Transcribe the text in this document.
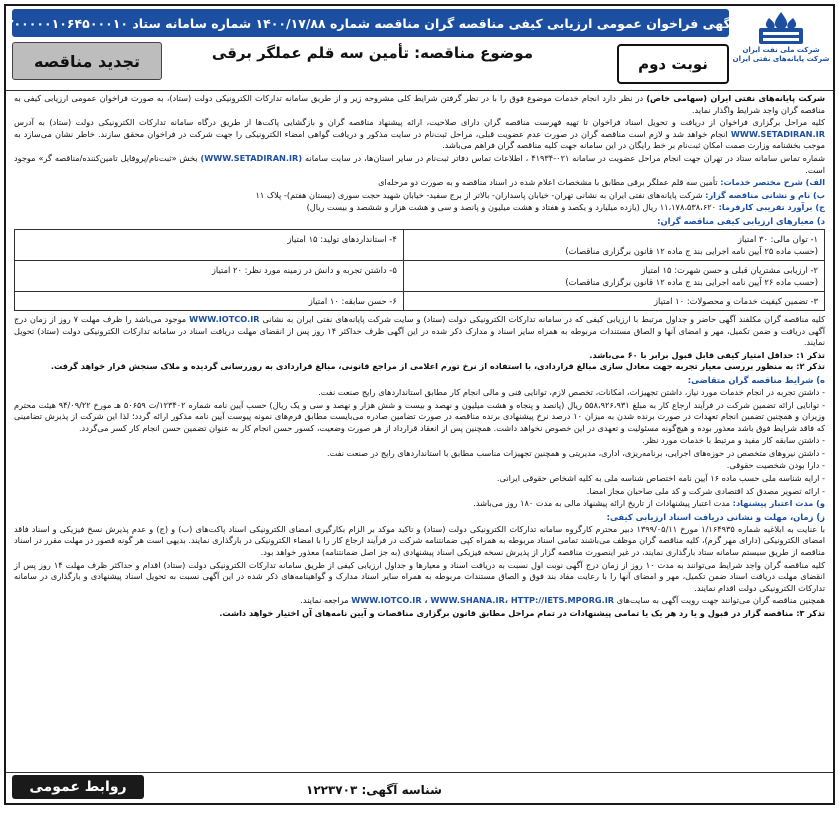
شرکت ملی نفت ایران
شرکت پایانه‌های نفتی ایران
آگهی فراخوان عمومی ارزیابی کیفی مناقصه گران مناقصه شماره ۱۴۰۰/۱۷/۸۸ شماره سامانه ستاد ۲۰۰۰۰۰۱۰۶۴۵۰۰۰۱۰
نوبت دوم
موضوع مناقصه: تأمین سه قلم عملگر برقی
تجدید مناقصه

شرکت پایانه‌های نفتی ایران (سهامی خاص) در نظر دارد انجام خدمات موضوع فوق را با در نظر گرفتن شرایط کلی مشروحه زیر و از طریق سامانه تدارکات الکترونیکی دولت (ستاد)، به صورت فراخوان عمومی ارزیابی کیفی به مناقصه گران واجد شرایط واگذار نماید.

کلیه مراحل برگزاری فراخوان از دریافت و تحویل اسناد فراخوان تا تهیه فهرست مناقصه گران دارای صلاحیت، ارائه پیشنهاد مناقصه گران و بازگشایی پاکت‌ها از طریق درگاه سامانه تدارکات الکترونیکی دولت (ستاد) به آدرس WWW.SETADIRAN.IR انجام خواهد شد و لازم است مناقصه گران در صورت عدم عضویت قبلی، مراحل ثبت‌نام در سایت مذکور و دریافت گواهی امضاء الکترونیکی را جهت شرکت در فراخوان محقق سازند. خاطر نشان می‌سازد به موجب بخشنامه وزارت صمت امکان ثبت‌نام بر خط رایگان در این سامانه جهت کلیه مناقصه گران فراهم می‌باشد.

شماره تماس سامانه ستاد در تهران جهت انجام مراحل عضویت در سامانه ۰۲۱-۴۱۹۳۴ ، اطلاعات تماس دفاتر ثبت‌نام در سایر استان‌ها، در سایت سامانه (WWW.SETADIRAN.IR) بخش «ثبت‌نام/پروفایل تامین‌کننده/مناقصه گر» موجود است.

الف) شرح مختصر خدمات: تأمین سه قلم عملگر برقی مطابق با مشخصات اعلام شده در اسناد مناقصه و به صورت دو مرحله‌ای

ب) نام و نشانی مناقصه گزار: شرکت پایانه‌های نفتی ایران به نشانی تهران- خیابان پاسداران- بالاتر از برج سفید- خیابان شهید حجت سوری (نیستان هفتم)- پلاک ۱۱

ج) برآورد تقریبی کارفرما: ۱۱،۱۷۸،۵۳۸،۶۲۰ ریال (یازده میلیارد و یکصد و هفتاد و هشت میلیون و پانصد و سی و هشت هزار و ششصد و بیست ریال)

د) معیارهای ارزیابی کیفی مناقصه گران:

۱- توان مالی: ۳۰ امتیاز
(حسب ماده ۲۵ آیین نامه اجرایی بند ج ماده ۱۲ قانون برگزاری مناقصات)	۴- استانداردهای تولید: ۱۵ امتیاز
۲- ارزیابی مشتریان قبلی و حسن شهرت: ۱۵ امتیاز
(حسب ماده ۲۶ آیین نامه اجرایی بند ج ماده ۱۲ قانون برگزاری مناقصات)	۵- داشتن تجربه و دانش در زمینه مورد نظر: ۲۰ امتیاز
۳- تضمین کیفیت خدمات و محصولات: ۱۰ امتیاز	۶- حسن سابقه: ۱۰ امتیاز

کلیه مناقصه گران مکلفند آگهی حاضر و جداول مرتبط با ارزیابی کیفی که در سامانه تدارکات الکترونیکی دولت (ستاد) و سایت شرکت پایانه‌های نفتی ایران به نشانی WWW.IOTCO.IR موجود می‌باشد را ظرف مهلت ۷ روز از زمان درج آگهی دریافت و ضمن تکمیل، مهر و امضای آنها و الصاق مستندات مربوطه به همراه سایر اسناد و مدارک ذکر شده در این آگهی ظرف حداکثر ۱۴ روز پس از انقضای مهلت دریافت اسناد در سامانه تدارکات الکترونیکی دولت (ستاد) تحویل نمایند.

تذکر ۱: حداقل امتیاز کیفی قابل قبول برابر با ۶۰ می‌باشد.

تذکر ۲: به منظور بررسی معیار تجربه جهت معادل سازی مبالغ قراردادی، با استفاده از نرخ تورم اعلامی از مراجع قانونی، مبالغ قراردادی به روزرسانی گردیده و ملاک سنجش قرار خواهد گرفت.

ه) شرایط مناقصه گران متقاضی:

- داشتن تجربه در انجام خدمات مورد نیاز، داشتن تجهیزات، امکانات، تخصص لازم، توانایی فنی و مالی انجام کار مطابق استانداردهای رایج صنعت نفت.

- توانایی ارائه تضمین شرکت در فرآیند ارجاع کار به مبلغ ۵۵۸،۹۲۶،۹۳۱ ریال (پانصد و پنجاه و هشت میلیون و نهصد و بیست و شش هزار و نهصد و سی و یک ریال) حسب آیین نامه شماره ۱۲۳۴۰۲/ت ۵۰۶۵۹ هـ مورخ ۹۴/۰۹/۲۲ هیئت محترم وزیران و همچنین تضمین انجام تعهدات در صورت برنده شدن به میزان ۱۰ درصد نرخ پیشنهادی برنده مناقصه در صورت تضامین صادره می‌بایست مطابق فرم‌های نمونه پیوست آیین نامه مذکور ارائه گردد؛ لذا این شرکت از پذیرش تضامینی که فاقد شرایط فوق باشد معذور بوده و هیچ‌گونه مسئولیت و تعهدی در این خصوص نخواهد داشت. همچنین پس از انعقاد قرارداد از هر صورت وضعیت، کسور حسن انجام کار به عنوان تضمین حسن انجام کار کسر می‌گردد.

- داشتن سابقه کار مفید و مرتبط با خدمات مورد نظر.

- داشتن نیروهای متخصص در حوزه‌های اجرایی، برنامه‌ریزی، اداری، مدیریتی و همچنین تجهیزات مناسب مطابق با استانداردهای رایج در صنعت نفت.

- دارا بودن شخصیت حقوقی.

- ارایه شناسه ملی حسب ماده ۱۶ آیین نامه اختصاص شناسه ملی به کلیه اشخاص حقوقی ایرانی.

- ارائه تصویر مصدق کد اقتصادی شرکت و کد ملی صاحبان مجاز امضا.

و) مدت اعتبار پیشنهاد: مدت اعتبار پیشنهادات از تاریخ ارائه پیشنهاد مالی به مدت ۱۸۰ روز می‌باشد.

ز) زمان، مهلت و نشانی دریافت اسناد ارزیابی کیفی:

با عنایت به ابلاغیه شماره ۱/۱۶۴۹۳۵ مورخ ۱۳۹۹/۰۵/۱۱ دبیر محترم کارگروه سامانه تدارکات الکترونیکی دولت (ستاد) و تاکید موکد بر الزام بکارگیری امضای الکترونیکی اسناد پاکت‌های (ب) و (ج) و عدم پذیرش نسخ فیزیکی و اسناد فاقد امضای الکترونیکی (دارای مهر گرم)، کلیه مناقصه گران موظف می‌باشند تمامی اسناد مربوطه به همراه کپی ضمانتنامه شرکت در فرآیند ارجاع کار را با امضاء الکترونیکی در بارگذاری نمایند. بدیهی است هر گونه قصور در مهلت مقرر در اسناد مناقصه از طریق سیستم سامانه ستاد بارگذاری نمایند، در غیر اینصورت مناقصه گزار از پذیرش نسخه فیزیکی اسناد پیشنهادی (به جز اصل ضمانتنامه) معذور خواهد بود.

کلیه مناقصه گران واجد شرایط می‌توانند به مدت ۱۰ روز از زمان درج آگهی نوبت اول نسبت به دریافت اسناد و معیارها و جداول ارزیابی کیفی از طریق سامانه تدارکات الکترونیکی دولت (ستاد) اقدام و حداکثر ظرف مهلت ۱۴ روز پس از انقضای مهلت دریافت اسناد ضمن تکمیل، مهر و امضای آنها را با رعایت مفاد بند فوق و الصاق مستندات مربوطه به همراه سایر اسناد مدارک و گواهینامه‌های ذکر شده در این آگهی نسبت به تحویل اسناد پیشنهادی و بارگذاری در سامانه تدارکات الکترونیکی دولت اقدام نمایند.

همچنین مناقصه گران می‌توانند جهت رویت آگهی به سایت‌های WWW.IOTCO.IR ، WWW.SHANA.IR، HTTP://IETS.MPORG.IR مراجعه نمایند.

تذکر ۳: مناقصه گزار در قبول و یا رد هر یک یا تمامی پیشنهادات در تمام مراحل مطابق قانون برگزاری مناقصات و آیین نامه‌های آن اختیار خواهد داشت.

شناسه آگهی: ۱۲۲۳۷۰۳
روابط عمومی
